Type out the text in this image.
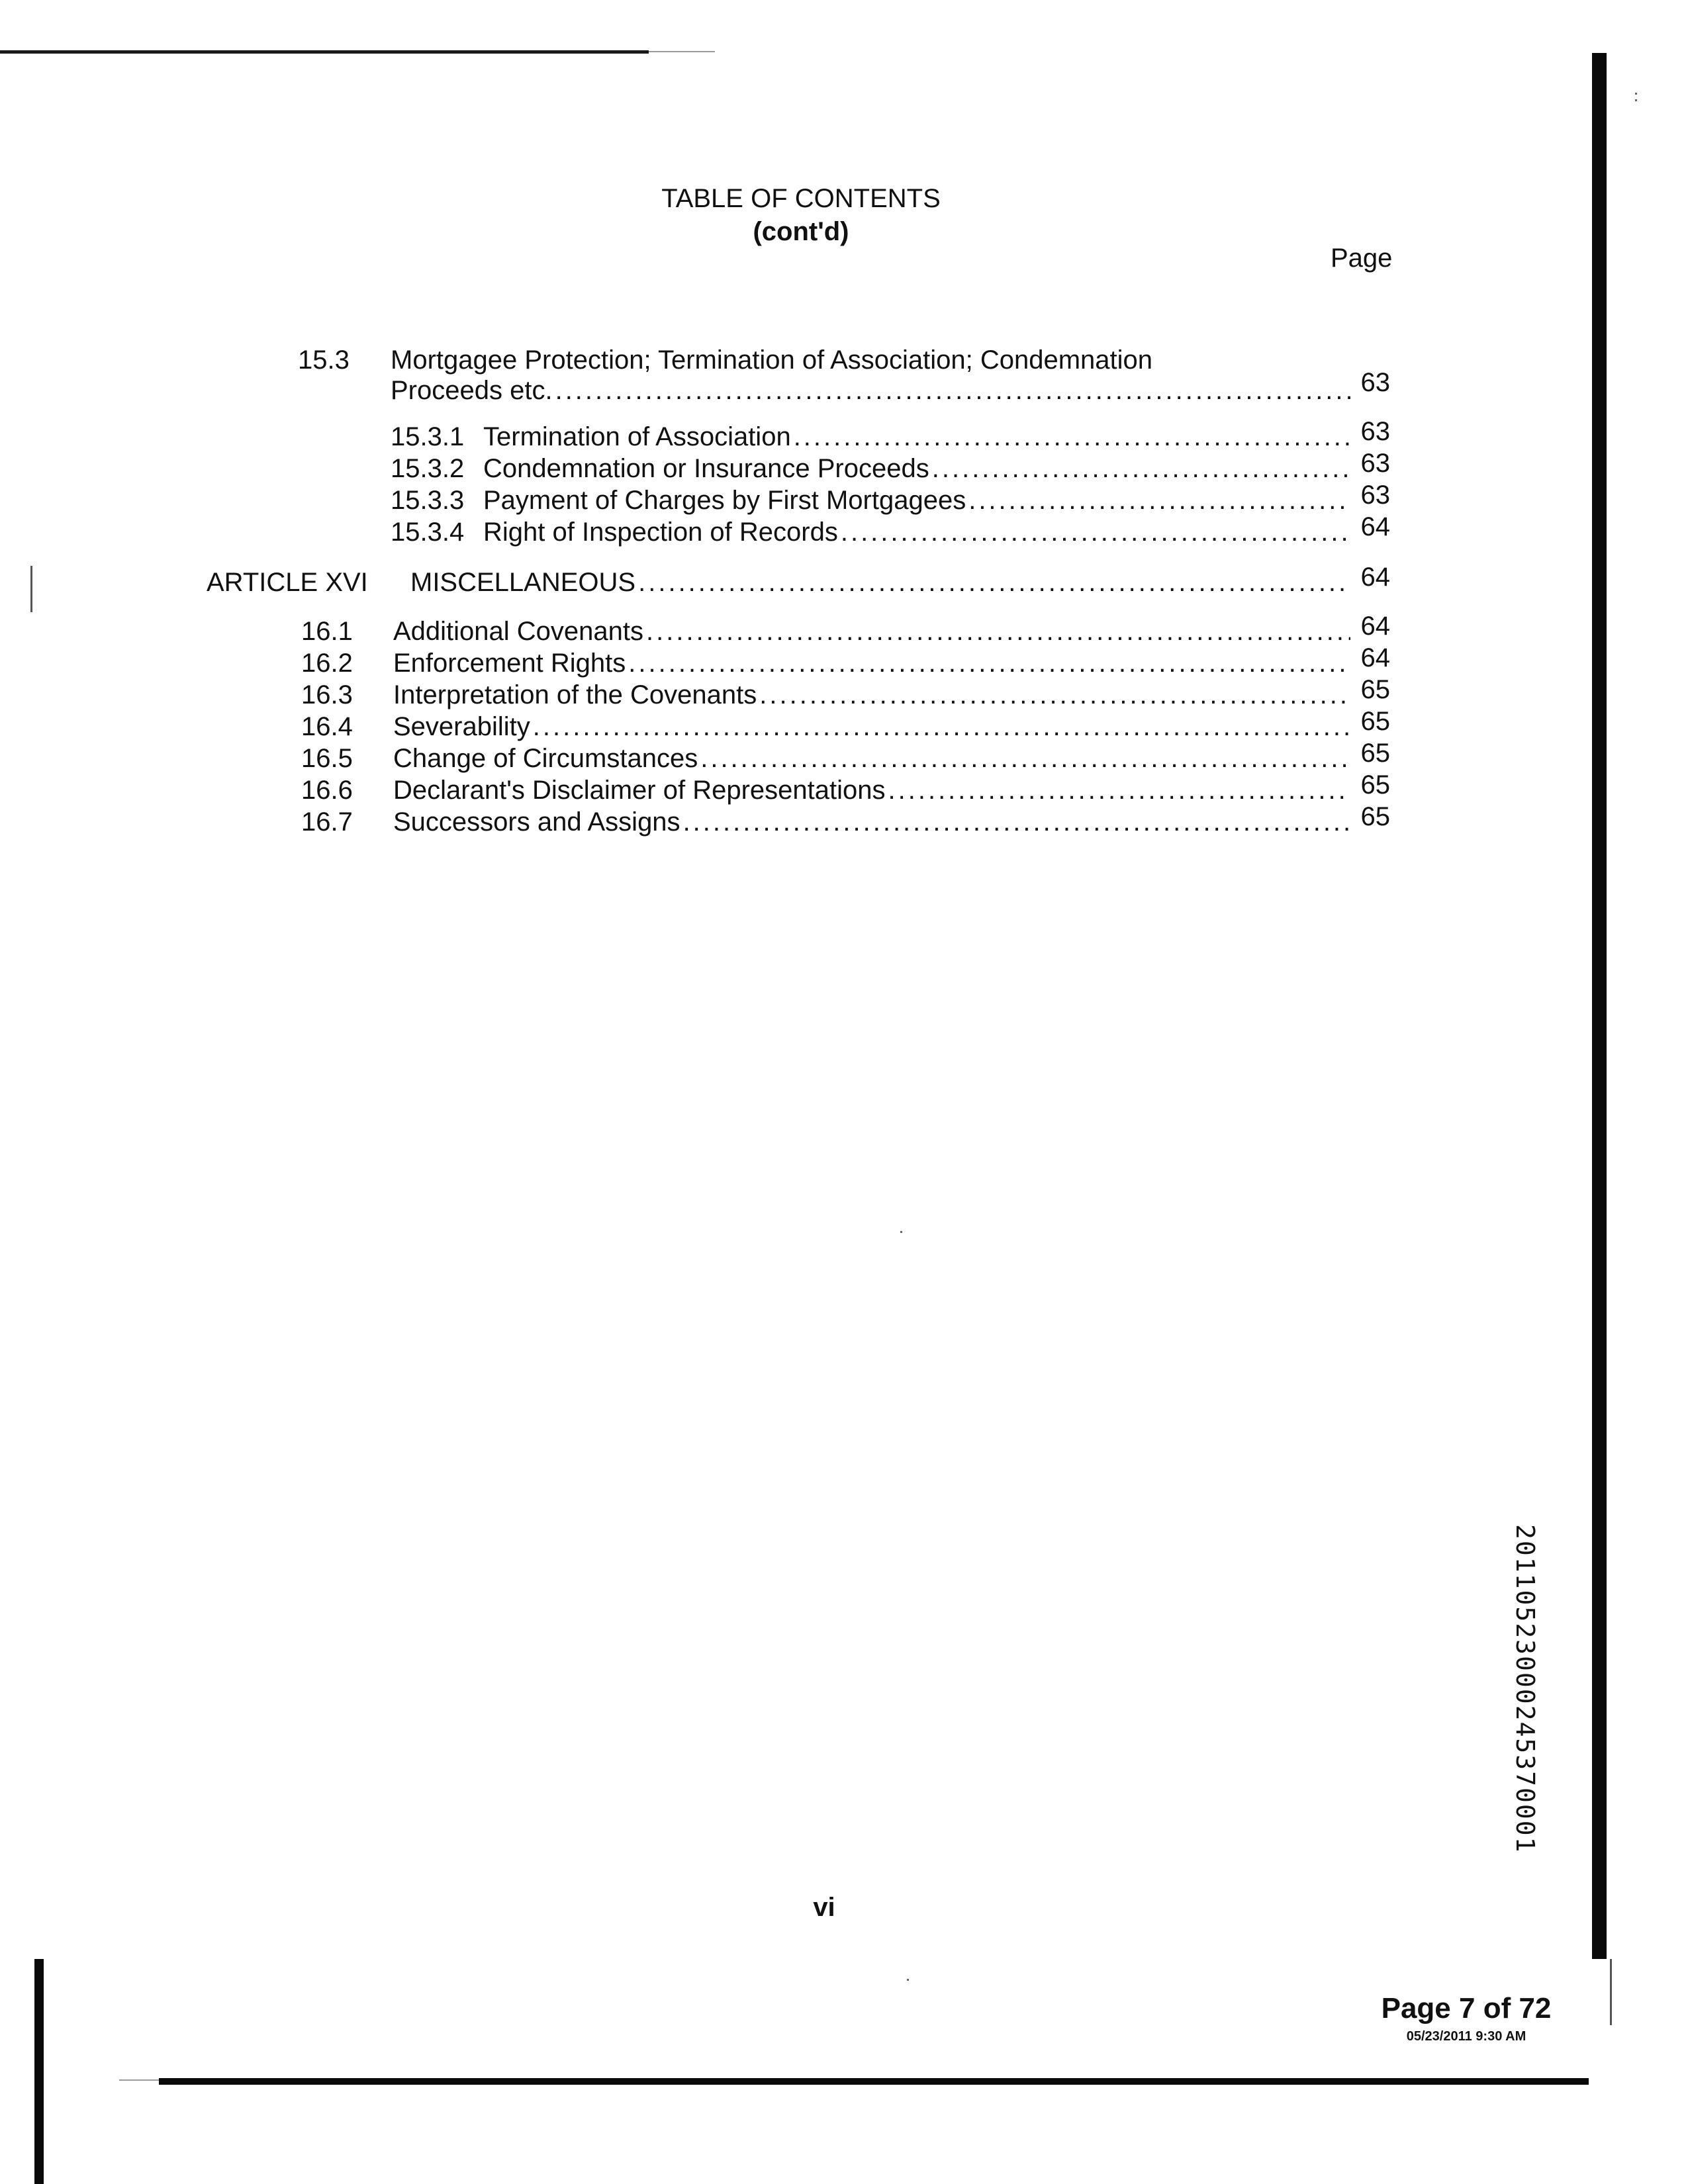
TABLE OF CONTENTS
(cont'd)
Page
15.3 Mortgagee Protection; Termination of Association; Condemnation
Proceeds etc. .....	63
15.3.1 Termination of Association .....	63
15.3.2 Condemnation or Insurance Proceeds .....	63
15.3.3 Payment of Charges by First Mortgagees .....	63
15.3.4 Right of Inspection of Records .....	64
ARTICLE XVI MISCELLANEOUS .....	64
16.1 Additional Covenants .....	64
16.2 Enforcement Rights .....	64
16.3 Interpretation of the Covenants .....	65
16.4 Severability .....	65
16.5 Change of Circumstances .....	65
16.6 Declarant's Disclaimer of Representations .....	65
16.7 Successors and Assigns .....	65
20110523000245370001
vi
Page 7 of 72
05/23/2011 9:30 AM
